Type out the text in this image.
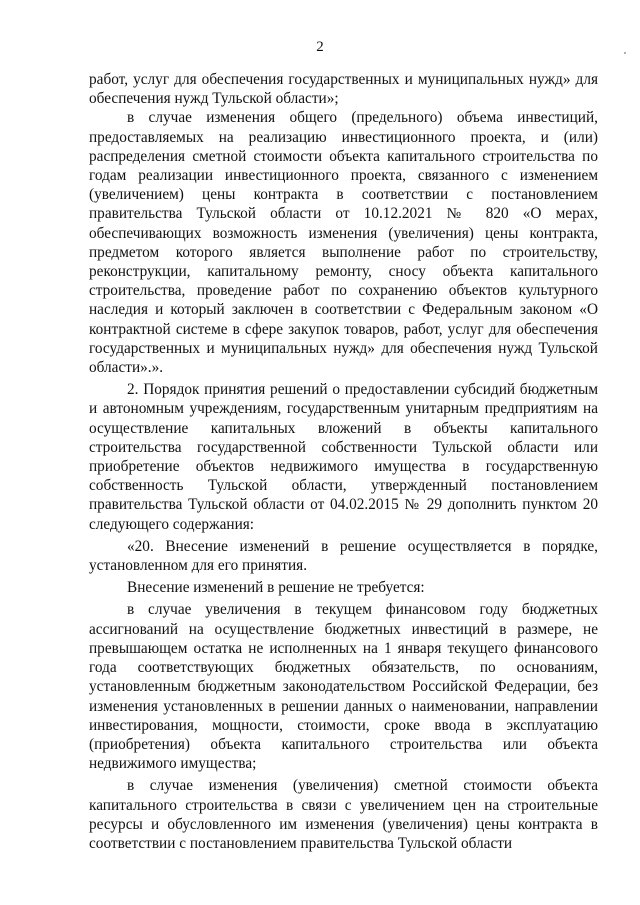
2

работ, услуг для обеспечения государственных и муниципальных нужд» для обеспечения нужд Тульской области»;

в случае изменения общего (предельного) объема инвестиций, предоставляемых на реализацию инвестиционного проекта, и (или) распределения сметной стоимости объекта капитального строительства по годам реализации инвестиционного проекта, связанного с изменением (увеличением) цены контракта в соответствии с постановлением правительства Тульской области от 10.12.2021 № 820 «О мерах, обеспечивающих возможность изменения (увеличения) цены контракта, предметом которого является выполнение работ по строительству, реконструкции, капитальному ремонту, сносу объекта капитального строительства, проведение работ по сохранению объектов культурного наследия и который заключен в соответствии с Федеральным законом «О контрактной системе в сфере закупок товаров, работ, услуг для обеспечения государственных и муниципальных нужд» для обеспечения нужд Тульской области».».

2. Порядок принятия решений о предоставлении субсидий бюджетным и автономным учреждениям, государственным унитарным предприятиям на осуществление капитальных вложений в объекты капитального строительства государственной собственности Тульской области или приобретение объектов недвижимого имущества в государственную собственность Тульской области, утвержденный постановлением правительства Тульской области от 04.02.2015 № 29 дополнить пунктом 20 следующего содержания:

«20. Внесение изменений в решение осуществляется в порядке, установленном для его принятия.

Внесение изменений в решение не требуется:

в случае увеличения в текущем финансовом году бюджетных ассигнований на осуществление бюджетных инвестиций в размере, не превышающем остатка не исполненных на 1 января текущего финансового года соответствующих бюджетных обязательств, по основаниям, установленным бюджетным законодательством Российской Федерации, без изменения установленных в решении данных о наименовании, направлении инвестирования, мощности, стоимости, сроке ввода в эксплуатацию (приобретения) объекта капитального строительства или объекта недвижимого имущества;

в случае изменения (увеличения) сметной стоимости объекта капитального строительства в связи с увеличением цен на строительные ресурсы и обусловленного им изменения (увеличения) цены контракта в соответствии с постановлением правительства Тульской области
